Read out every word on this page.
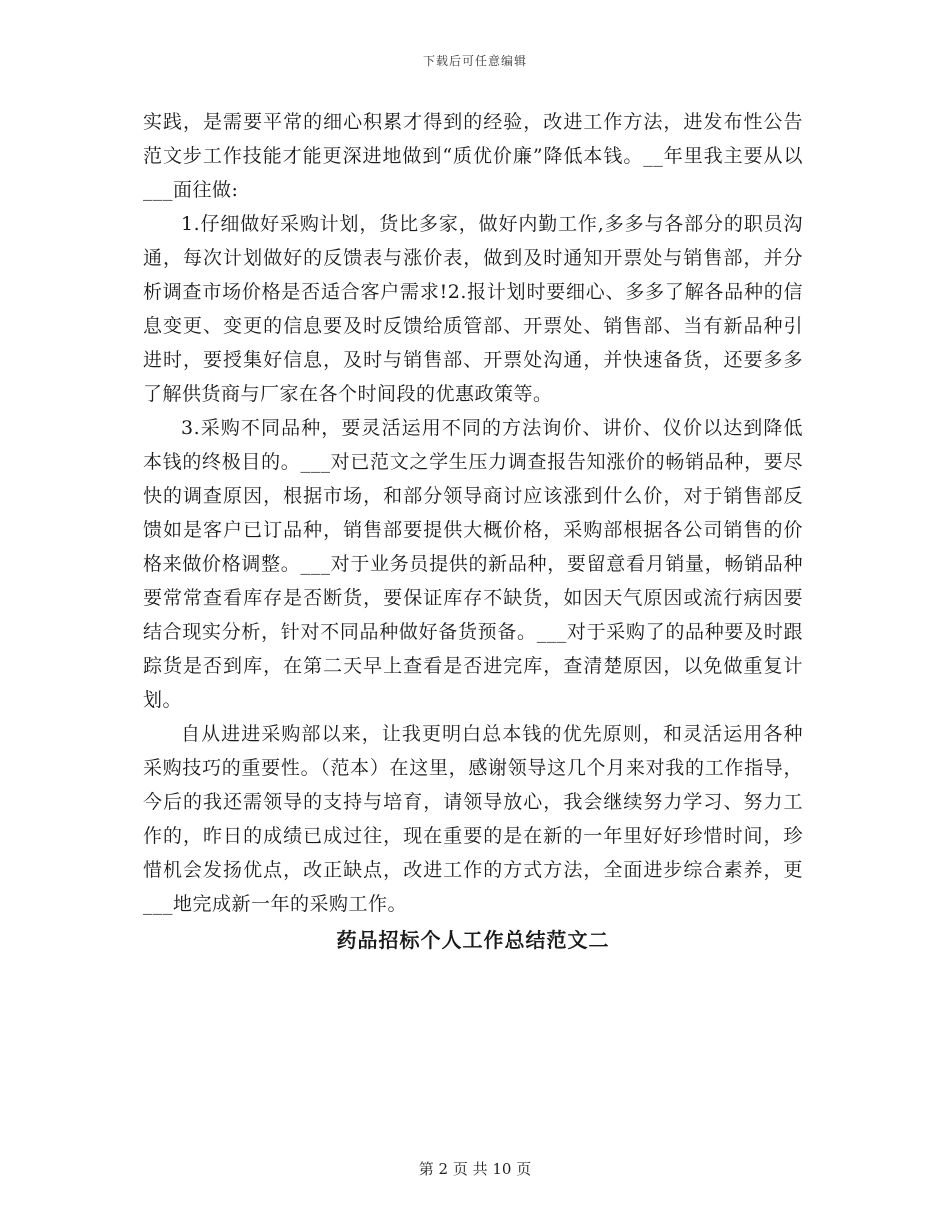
下载后可任意编辑

实践，是需要平常的细心积累才得到的经验，改进工作方法，进发布性公告范文步工作技能才能更深进地做到“质优价廉”降低本钱。__年里我主要从以___面往做:

1.仔细做好采购计划，货比多家，做好内勤工作,多多与各部分的职员沟通，每次计划做好的反馈表与涨价表，做到及时通知开票处与销售部，并分析调查市场价格是否适合客户需求!2.报计划时要细心、多多了解各品种的信息变更、变更的信息要及时反馈给质管部、开票处、销售部、当有新品种引进时，要授集好信息，及时与销售部、开票处沟通，并快速备货，还要多多了解供货商与厂家在各个时间段的优惠政策等。

3.采购不同品种，要灵活运用不同的方法询价、讲价、仪价以达到降低本钱的终极目的。___对已范文之学生压力调查报告知涨价的畅销品种，要尽快的调查原因，根据市场，和部分领导商讨应该涨到什么价，对于销售部反馈如是客户已订品种，销售部要提供大概价格，采购部根据各公司销售的价格来做价格调整。___对于业务员提供的新品种，要留意看月销量，畅销品种要常常查看库存是否断货，要保证库存不缺货，如因天气原因或流行病因要结合现实分析，针对不同品种做好备货预备。___对于采购了的品种要及时跟踪货是否到库，在第二天早上查看是否进完库，查清楚原因，以免做重复计划。

自从进进采购部以来，让我更明白总本钱的优先原则，和灵活运用各种采购技巧的重要性。（范本）在这里，感谢领导这几个月来对我的工作指导，今后的我还需领导的支持与培育，请领导放心，我会继续努力学习、努力工作的，昨日的成绩已成过往，现在重要的是在新的一年里好好珍惜时间，珍惜机会发扬优点，改正缺点，改进工作的方式方法，全面进步综合素养，更___地完成新一年的采购工作。

药品招标个人工作总结范文二
第 2 页 共 10 页
